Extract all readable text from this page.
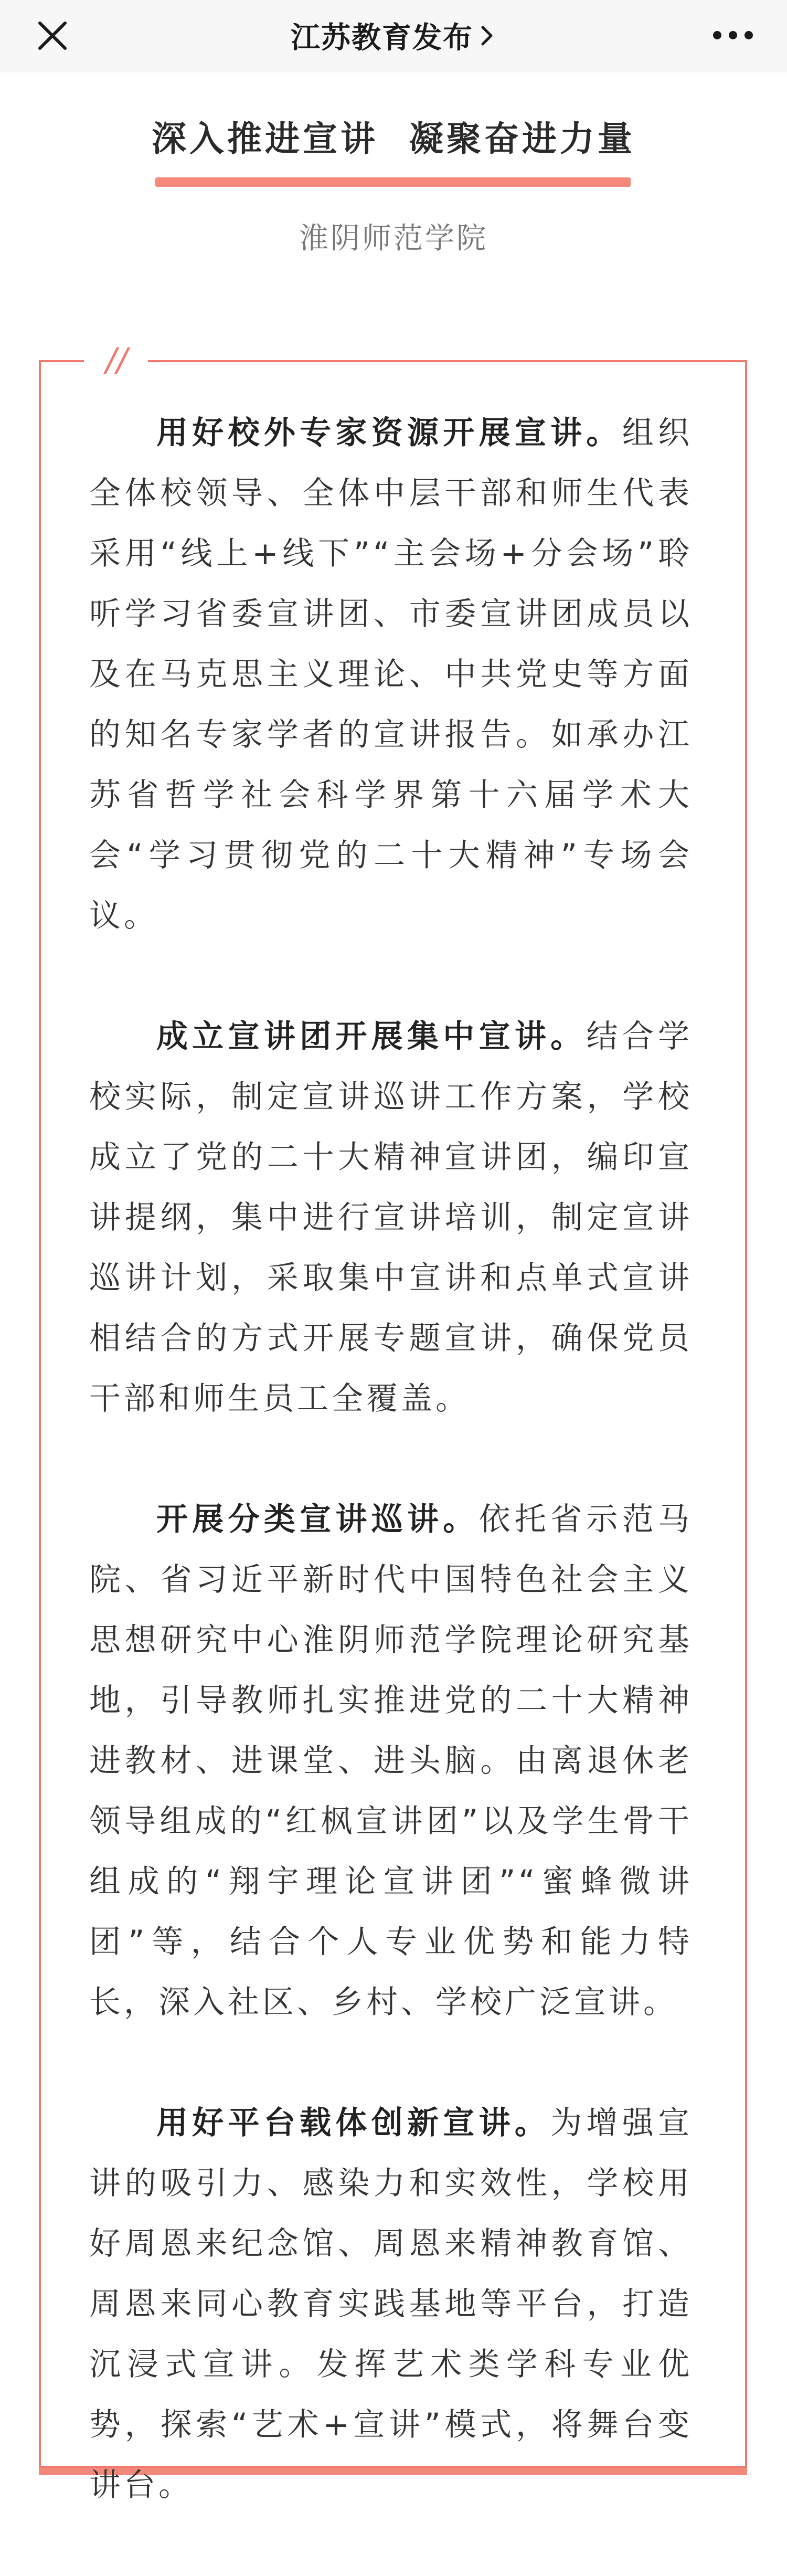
江苏教育发布
深入推进宣讲  凝聚奋进力量
淮阴师范学院
//

用好校外专家资源开展宣讲。组织全体校领导、全体中层干部和师生代表采用“线上+线下”“主会场+分会场”聆听学习省委宣讲团、市委宣讲团成员以及在马克思主义理论、中共党史等方面的知名专家学者的宣讲报告。如承办江苏省哲学社会科学界第十六届学术大会“学习贯彻党的二十大精神”专场会议。

成立宣讲团开展集中宣讲。结合学校实际，制定宣讲巡讲工作方案，学校成立了党的二十大精神宣讲团，编印宣讲提纲，集中进行宣讲培训，制定宣讲巡讲计划，采取集中宣讲和点单式宣讲相结合的方式开展专题宣讲，确保党员干部和师生员工全覆盖。

开展分类宣讲巡讲。依托省示范马院、省习近平新时代中国特色社会主义思想研究中心淮阴师范学院理论研究基地，引导教师扎实推进党的二十大精神进教材、进课堂、进头脑。由离退休老领导组成的“红枫宣讲团”以及学生骨干组成的“翔宇理论宣讲团”“蜜蜂微讲团”等，结合个人专业优势和能力特长，深入社区、乡村、学校广泛宣讲。

用好平台载体创新宣讲。为增强宣讲的吸引力、感染力和实效性，学校用好周恩来纪念馆、周恩来精神教育馆、周恩来同心教育实践基地等平台，打造沉浸式宣讲。发挥艺术类学科专业优势，探索“艺术+宣讲”模式，将舞台变讲台。
